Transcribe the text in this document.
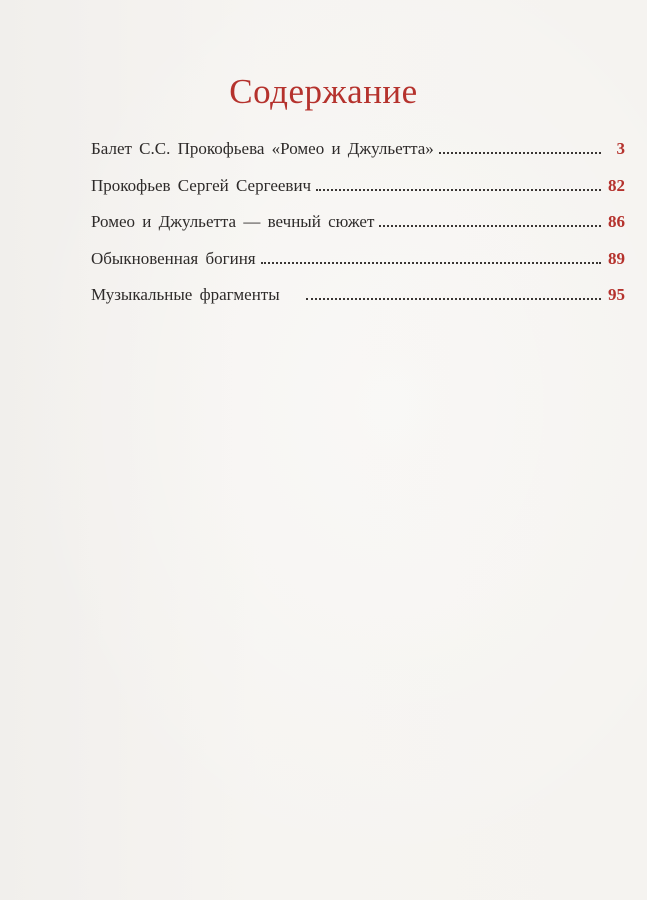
Содержание
Балет С.С. Прокофьева «Ромео и Джульетта»	3
Прокофьев Сергей Сергеевич	82
Ромео и Джульетта — вечный сюжет	86
Обыкновенная богиня	89
Музыкальные фрагменты	95
